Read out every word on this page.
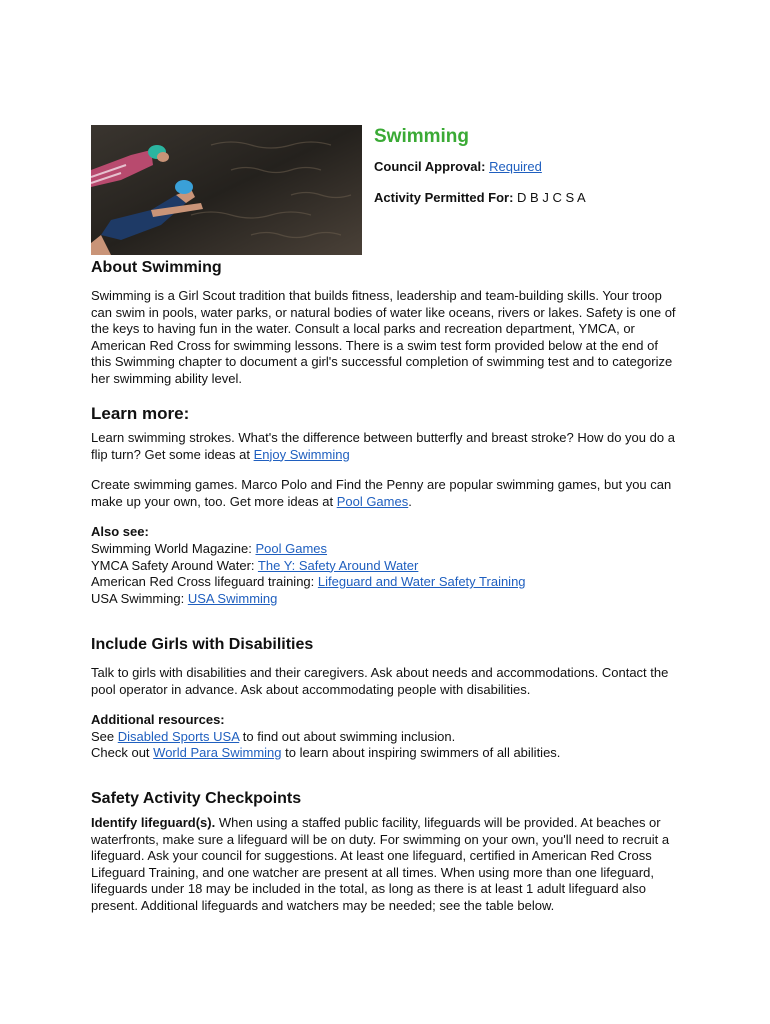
Swimming

Council Approval: Required

Activity Permitted For: D B J C S A

About Swimming

Swimming is a Girl Scout tradition that builds fitness, leadership and team-building skills. Your troop can swim in pools, water parks, or natural bodies of water like oceans, rivers or lakes. Safety is one of the keys to having fun in the water. Consult a local parks and recreation department, YMCA, or American Red Cross for swimming lessons. There is a swim test form provided below at the end of this Swimming chapter to document a girl's successful completion of swimming test and to categorize her swimming ability level.

Learn more:

Learn swimming strokes. What's the difference between butterfly and breast stroke? How do you do a flip turn? Get some ideas at Enjoy Swimming

Create swimming games. Marco Polo and Find the Penny are popular swimming games, but you can make up your own, too. Get more ideas at Pool Games.

Also see:
Swimming World Magazine: Pool Games
YMCA Safety Around Water: The Y: Safety Around Water
American Red Cross lifeguard training: Lifeguard and Water Safety Training
USA Swimming: USA Swimming

Include Girls with Disabilities

Talk to girls with disabilities and their caregivers. Ask about needs and accommodations. Contact the pool operator in advance. Ask about accommodating people with disabilities.

Additional resources:
See Disabled Sports USA to find out about swimming inclusion.
Check out World Para Swimming to learn about inspiring swimmers of all abilities.

Safety Activity Checkpoints

Identify lifeguard(s). When using a staffed public facility, lifeguards will be provided. At beaches or waterfronts, make sure a lifeguard will be on duty. For swimming on your own, you'll need to recruit a lifeguard. Ask your council for suggestions. At least one lifeguard, certified in American Red Cross Lifeguard Training, and one watcher are present at all times. When using more than one lifeguard, lifeguards under 18 may be included in the total, as long as there is at least 1 adult lifeguard also present. Additional lifeguards and watchers may be needed; see the table below.
